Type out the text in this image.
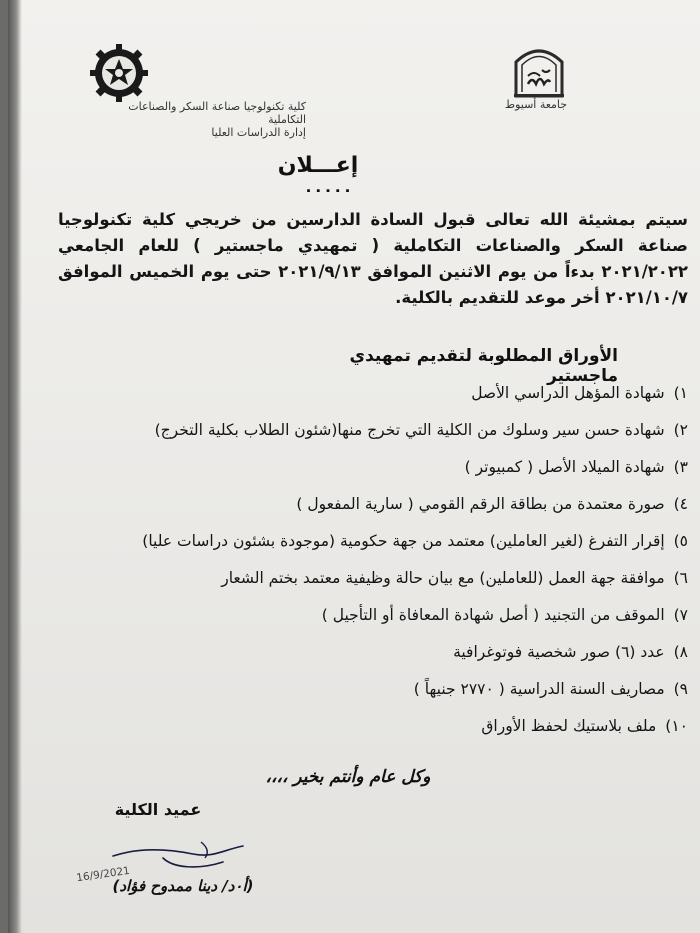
كلية تكنولوجيا صناعة السكر والصناعات التكاملية
إدارة الدراسات العليا
جامعة أسيوط
إعـــلان
٠٠٠٠٠
سيتم بمشيئة الله تعالى قبول السادة الدارسين من خريجي كلية تكنولوجيا صناعة السكر والصناعات التكاملية ( تمهيدي ماجستير ) للعام الجامعي ٢٠٢١/٢٠٢٢ بدءاً من يوم الاثنين الموافق ٢٠٢١/٩/١٣ حتى يوم الخميس الموافق ٢٠٢١/١٠/٧ أخر موعد للتقديم بالكلية.
الأوراق المطلوبة لتقديم تمهيدي ماجستير
١) شهادة المؤهل الدراسي الأصل
٢) شهادة حسن سير وسلوك من الكلية التي تخرج منها(شئون الطلاب بكلية التخرج)
٣) شهادة الميلاد الأصل ( كمبيوتر )
٤) صورة معتمدة من بطاقة الرقم القومي ( سارية المفعول )
٥) إقرار التفرغ (لغير العاملين) معتمد من جهة حكومية (موجودة بشئون دراسات عليا)
٦) موافقة جهة العمل (للعاملين) مع بيان حالة وظيفية معتمد بختم الشعار
٧) الموقف من التجنيد ( أصل شهادة المعافاة أو التأجيل )
٨) عدد (٦) صور شخصية فوتوغرافية
٩) مصاريف السنة الدراسية ( ٢٧٧٠ جنيهاً )
١٠) ملف بلاستيك لحفظ الأوراق
وكل عام وأنتم بخير ،،،،
عميد الكلية
16/9/2021
(أ٠د/ دينا ممدوح فؤاد)
